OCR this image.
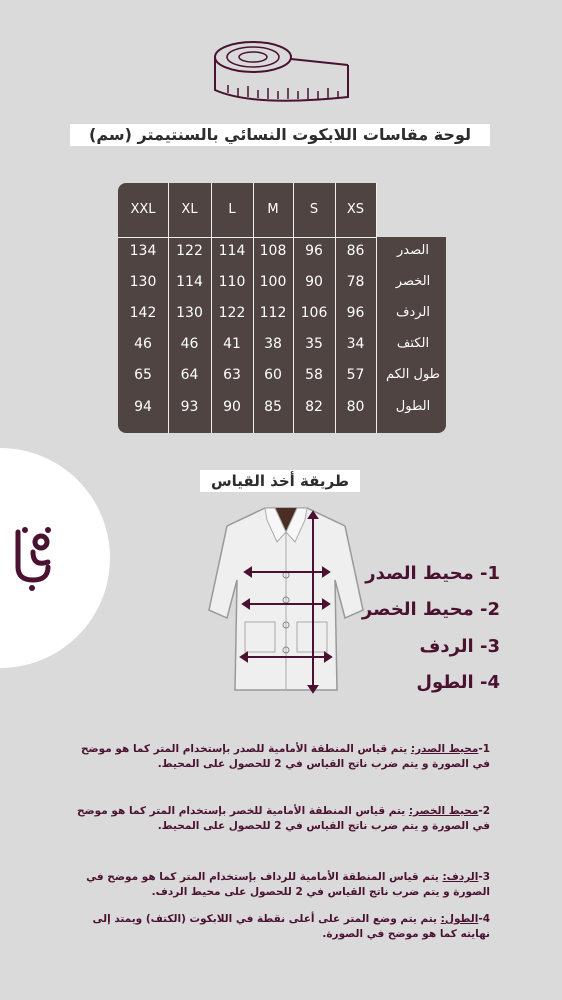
لوحة مقاسات اللابكوت النسائي بالسنتيمتر (سم)
XXL	XL	L	M	S	XS
الصدر
134	122	114	108	96	86
الخصر
130	114	110	100	90	78
الردف
142	130	122	112	106	96
الكتف
46	46	41	38	35	34
طول الكم
65	64	63	60	58	57
الطول
94	93	90	85	82	80
طريقة أخذ القياس
1- محيط الصدر
2- محيط الخصر
3- الردف
4- الطول
1-محيط الصدر: يتم قياس المنطقة الأمامية للصدر بإستخدام المتر كما هو موضح في الصورة و يتم ضرب ناتج القياس في 2 للحصول على المحيط.
2-محيط الخصر: يتم قياس المنطقة الأمامية للخصر بإستخدام المتر كما هو موضح في الصورة و يتم ضرب ناتج القياس في 2 للحصول على المحيط.
3-الردف: يتم قياس المنطقة الأمامية للرداف بإستخدام المتر كما هو موضح في الصورة و يتم ضرب ناتج القياس في 2 للحصول على محيط الردف.
4-الطول: يتم يتم وضع المتر على أعلى نقطة في اللابكوت (الكتف) ويمتد إلى نهايته كما هو موضح في الصورة.
